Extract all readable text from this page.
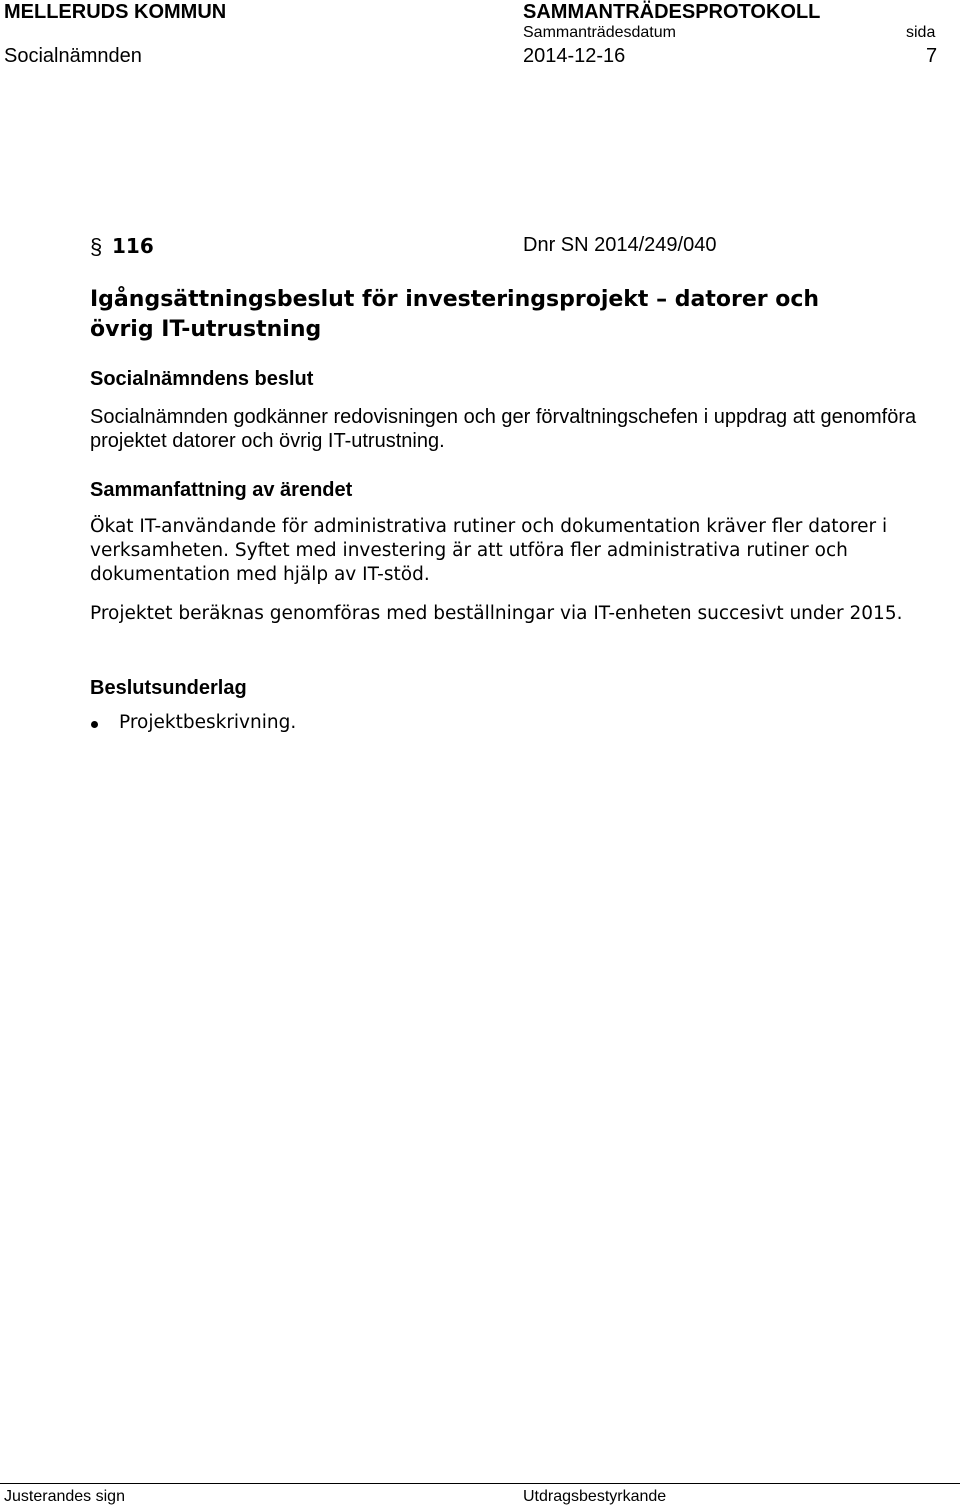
MELLERUDS KOMMUN	SAMMANTRÄDESPROTOKOLL
Sammanträdesdatum	sida
Socialnämnden	2014-12-16	7
§ 116	Dnr SN 2014/249/040
Igångsättningsbeslut för investeringsprojekt – datorer och
övrig IT-utrustning
Socialnämndens beslut
Socialnämnden godkänner redovisningen och ger förvaltningschefen i uppdrag att genomföra projektet datorer och övrig IT-utrustning.
Sammanfattning av ärendet
Ökat IT-användande för administrativa rutiner och dokumentation kräver fler datorer i verksamheten. Syftet med investering är att utföra fler administrativa rutiner och dokumentation med hjälp av IT-stöd.
Projektet beräknas genomföras med beställningar via IT-enheten succesivt under 2015.
Beslutsunderlag
Projektbeskrivning.
Justerandes sign	Utdragsbestyrkande
